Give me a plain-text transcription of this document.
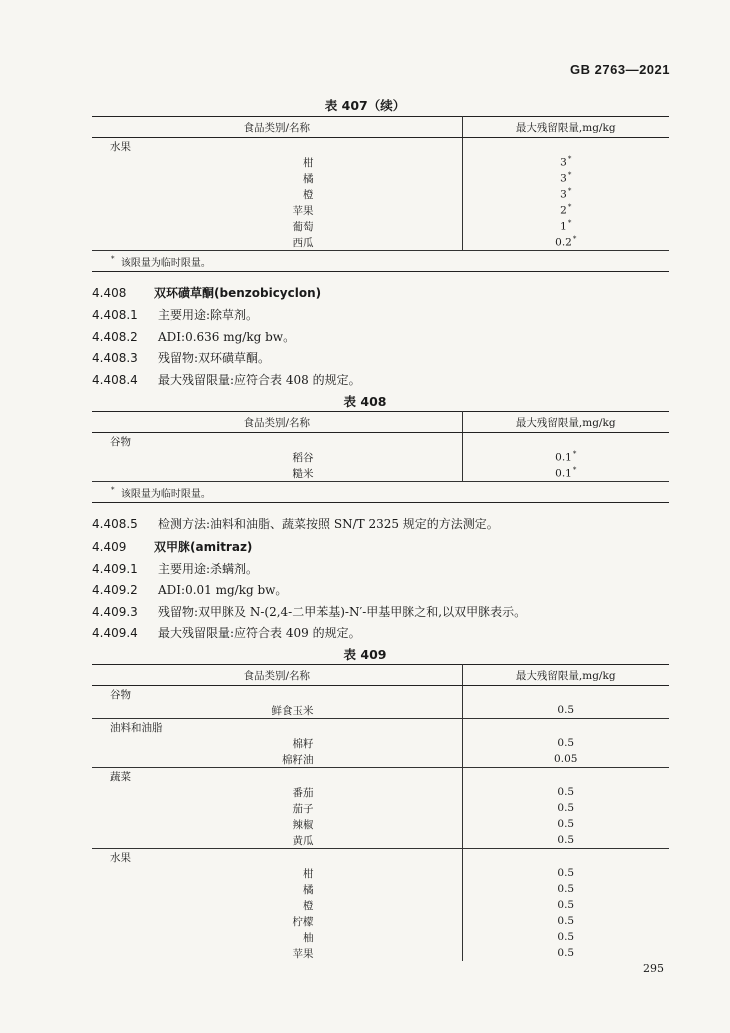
GB 2763—2021
表 407（续）
食品类别/名称	最大残留限量,mg/kg
水果	
柑	3*
橘	3*
橙	3*
苹果	2*
葡萄	1*
西瓜	0.2*
* 该限量为临时限量。	
4.408 双环磺草酮(benzobicyclon)
4.408.1 主要用途:除草剂。
4.408.2 ADI:0.636 mg/kg bw。
4.408.3 残留物:双环磺草酮。
4.408.4 最大残留限量:应符合表 408 的规定。
表 408
食品类别/名称	最大残留限量,mg/kg
谷物	
稻谷	0.1*
糙米	0.1*
* 该限量为临时限量。	
4.408.5 检测方法:油料和油脂、蔬菜按照 SN/T 2325 规定的方法测定。
4.409 双甲脒(amitraz)
4.409.1 主要用途:杀螨剂。
4.409.2 ADI:0.01 mg/kg bw。
4.409.3 残留物:双甲脒及 N-(2,4-二甲苯基)-N′-甲基甲脒之和,以双甲脒表示。
4.409.4 最大残留限量:应符合表 409 的规定。
表 409
食品类别/名称	最大残留限量,mg/kg
谷物	
鲜食玉米	0.5
油料和油脂	
棉籽	0.5
棉籽油	0.05
蔬菜	
番茄	0.5
茄子	0.5
辣椒	0.5
黄瓜	0.5
水果	
柑	0.5
橘	0.5
橙	0.5
柠檬	0.5
柚	0.5
苹果	0.5
295
